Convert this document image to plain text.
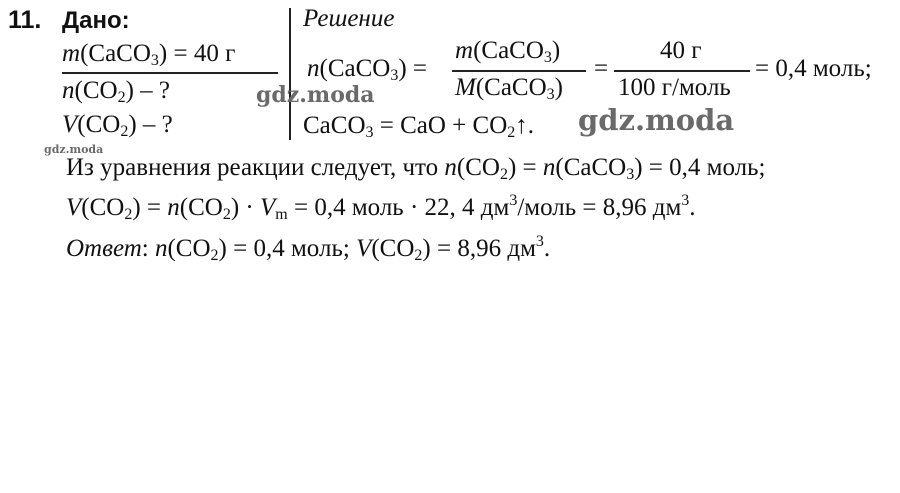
11. Дано:	Решение
m(CaCO$_3$) = 40 г
$n(CO_2)$ – ?
$V(CO_2)$ – ?
n(CaCO$_3$) =
m(CaCO$_3$)
M(CaCO$_3$)
=
40 г
100 г/моль
= 0,4 моль;
CaCO$_3$ = CaO + $CO_2↑$.
Из уравнения реакции следует, что $n(CO_2)$ = n(CaCO$_3$) = 0,4 моль;
$V(CO_2) = n(CO_2) \cdot V_m = 0,4$ моль · 22, 4 $дм^3$/моль = 8,96 $дм^3$.
Ответ: $n(CO_2) = 0,4$ моль; $V(CO_2) = 8,96$ $дм^3$.
gdz.moda
gdz.moda
gdz.moda
